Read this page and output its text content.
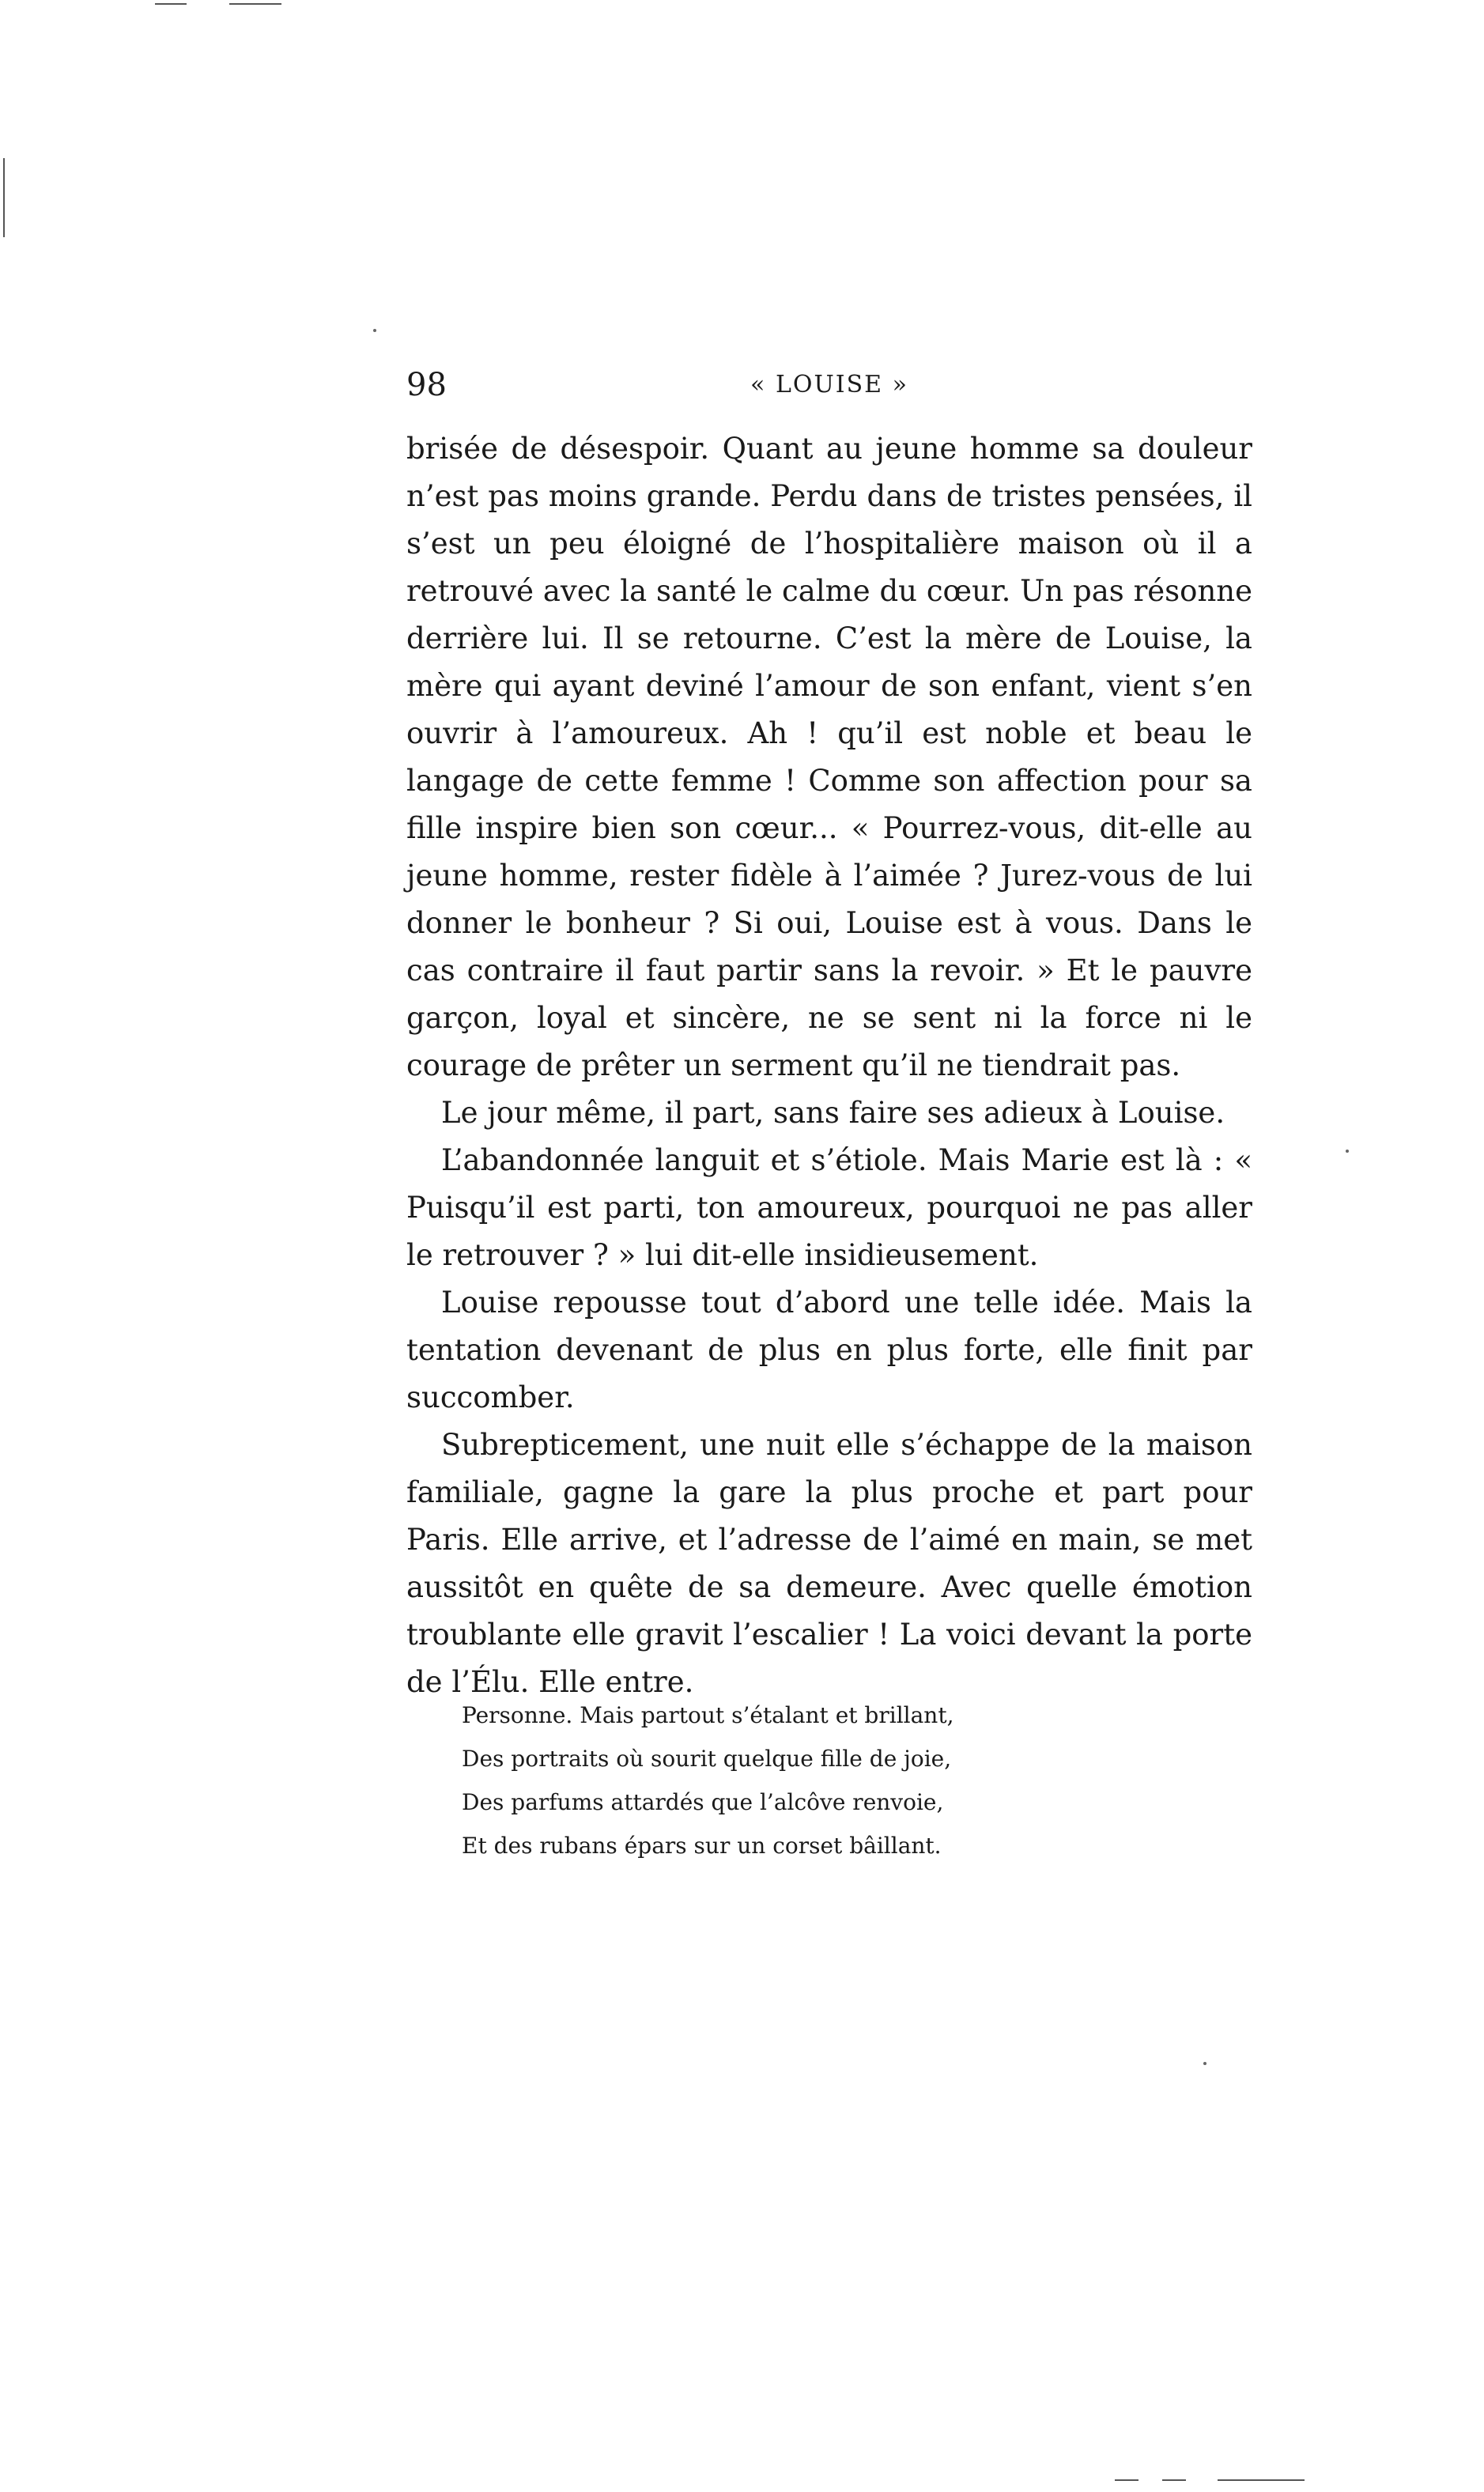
98	« LOUISE »

brisée de désespoir. Quant au jeune homme sa douleur n’est pas moins grande. Perdu dans de tristes pensées, il s’est un peu éloigné de l’hospitalière maison où il a retrouvé avec la santé le calme du cœur. Un pas résonne derrière lui. Il se retourne. C’est la mère de Louise, la mère qui ayant deviné l’amour de son enfant, vient s’en ouvrir à l’amoureux. Ah ! qu’il est noble et beau le langage de cette femme ! Comme son affection pour sa fille inspire bien son cœur... « Pourrez-vous, dit-elle au jeune homme, rester fidèle à l’aimée ? Jurez-vous de lui donner le bonheur ? Si oui, Louise est à vous. Dans le cas contraire il faut partir sans la revoir. » Et le pauvre garçon, loyal et sincère, ne se sent ni la force ni le courage de prêter un serment qu’il ne tiendrait pas.

Le jour même, il part, sans faire ses adieux à Louise.

L’abandonnée languit et s’étiole. Mais Marie est là : « Puisqu’il est parti, ton amoureux, pourquoi ne pas aller le retrouver ? » lui dit-elle insidieusement.

Louise repousse tout d’abord une telle idée. Mais la tentation devenant de plus en plus forte, elle finit par succomber.

Subrepticement, une nuit elle s’échappe de la maison familiale, gagne la gare la plus proche et part pour Paris. Elle arrive, et l’adresse de l’aimé en main, se met aussitôt en quête de sa demeure. Avec quelle émotion troublante elle gravit l’escalier ! La voici devant la porte de l’Élu. Elle entre.

Personne. Mais partout s’étalant et brillant,
Des portraits où sourit quelque fille de joie,
Des parfums attardés que l’alcôve renvoie,
Et des rubans épars sur un corset bâillant.
